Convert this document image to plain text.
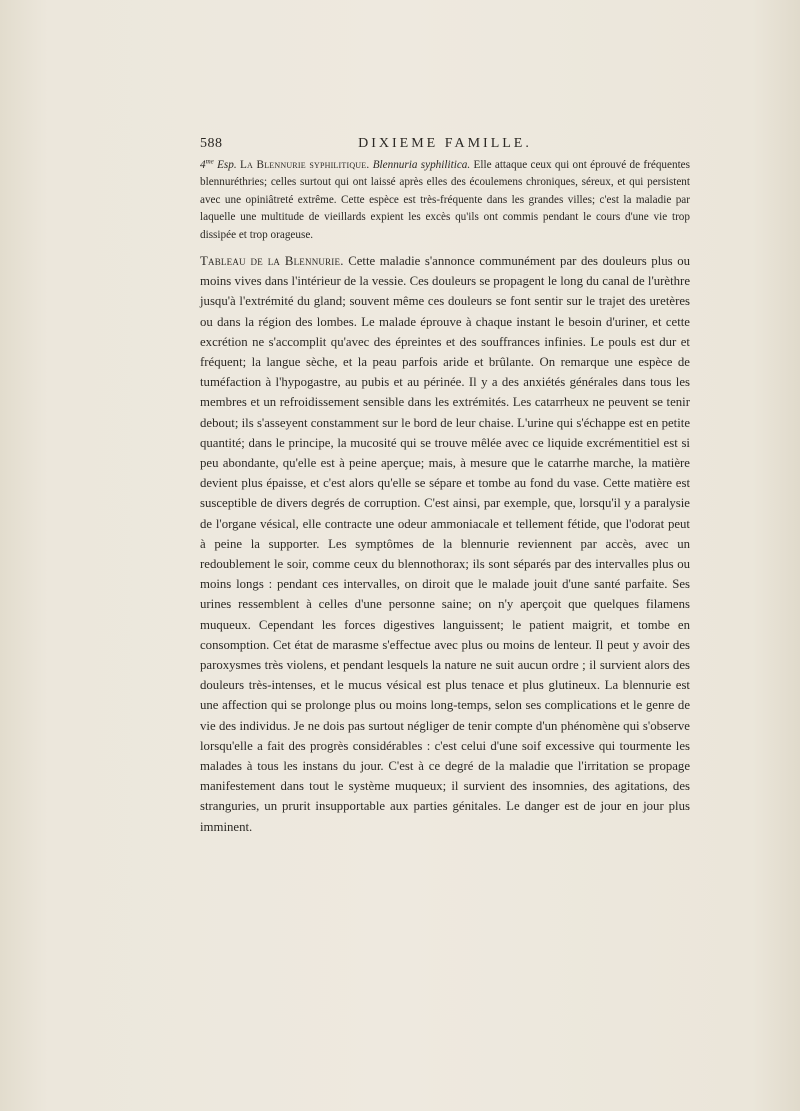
588	DIXIEME FAMILLE.
$4^{me}$ Esp. La Blennurie syphilitique. Blennuria syphilitica. Elle attaque ceux qui ont éprouvé de fréquentes blennuréthries; celles surtout qui ont laissé après elles des écoulemens chroniques, séreux, et qui persistent avec une opiniâtreté extrême. Cette espèce est très-fréquente dans les grandes villes; c'est la maladie par laquelle une multitude de vieillards expient les excès qu'ils ont commis pendant le cours d'une vie trop dissipée et trop orageuse.
Tableau de la Blennurie. Cette maladie s'annonce communément par des douleurs plus ou moins vives dans l'intérieur de la vessie. Ces douleurs se propagent le long du canal de l'urèthre jusqu'à l'extrémité du gland; souvent même ces douleurs se font sentir sur le trajet des uretères ou dans la région des lombes. Le malade éprouve à chaque instant le besoin d'uriner, et cette excrétion ne s'accomplit qu'avec des épreintes et des souffrances infinies. Le pouls est dur et fréquent; la langue sèche, et la peau parfois aride et brûlante. On remarque une espèce de tuméfaction à l'hypogastre, au pubis et au périnée. Il y a des anxiétés générales dans tous les membres et un refroidissement sensible dans les extrémités. Les catarrheux ne peuvent se tenir debout; ils s'asseyent constamment sur le bord de leur chaise. L'urine qui s'échappe est en petite quantité; dans le principe, la mucosité qui se trouve mêlée avec ce liquide excrémentitiel est si peu abondante, qu'elle est à peine aperçue; mais, à mesure que le catarrhe marche, la matière devient plus épaisse, et c'est alors qu'elle se sépare et tombe au fond du vase. Cette matière est susceptible de divers degrés de corruption. C'est ainsi, par exemple, que, lorsqu'il y a paralysie de l'organe vésical, elle contracte une odeur ammoniacale et tellement fétide, que l'odorat peut à peine la supporter. Les symptômes de la blennurie reviennent par accès, avec un redoublement le soir, comme ceux du blennothorax; ils sont séparés par des intervalles plus ou moins longs : pendant ces intervalles, on diroit que le malade jouit d'une santé parfaite. Ses urines ressemblent à celles d'une personne saine; on n'y aperçoit que quelques filamens muqueux. Cependant les forces digestives languissent; le patient maigrit, et tombe en consomption. Cet état de marasme s'effectue avec plus ou moins de lenteur. Il peut y avoir des paroxysmes très violens, et pendant lesquels la nature ne suit aucun ordre ; il survient alors des douleurs très-intenses, et le mucus vésical est plus tenace et plus glutineux. La blennurie est une affection qui se prolonge plus ou moins long-temps, selon ses complications et le genre de vie des individus. Je ne dois pas surtout négliger de tenir compte d'un phénomène qui s'observe lorsqu'elle a fait des progrès considérables : c'est celui d'une soif excessive qui tourmente les malades à tous les instans du jour. C'est à ce degré de la maladie que l'irritation se propage manifestement dans tout le système muqueux; il survient des insomnies, des agitations, des stranguries, un prurit insupportable aux parties génitales. Le danger est de jour en jour plus imminent.
